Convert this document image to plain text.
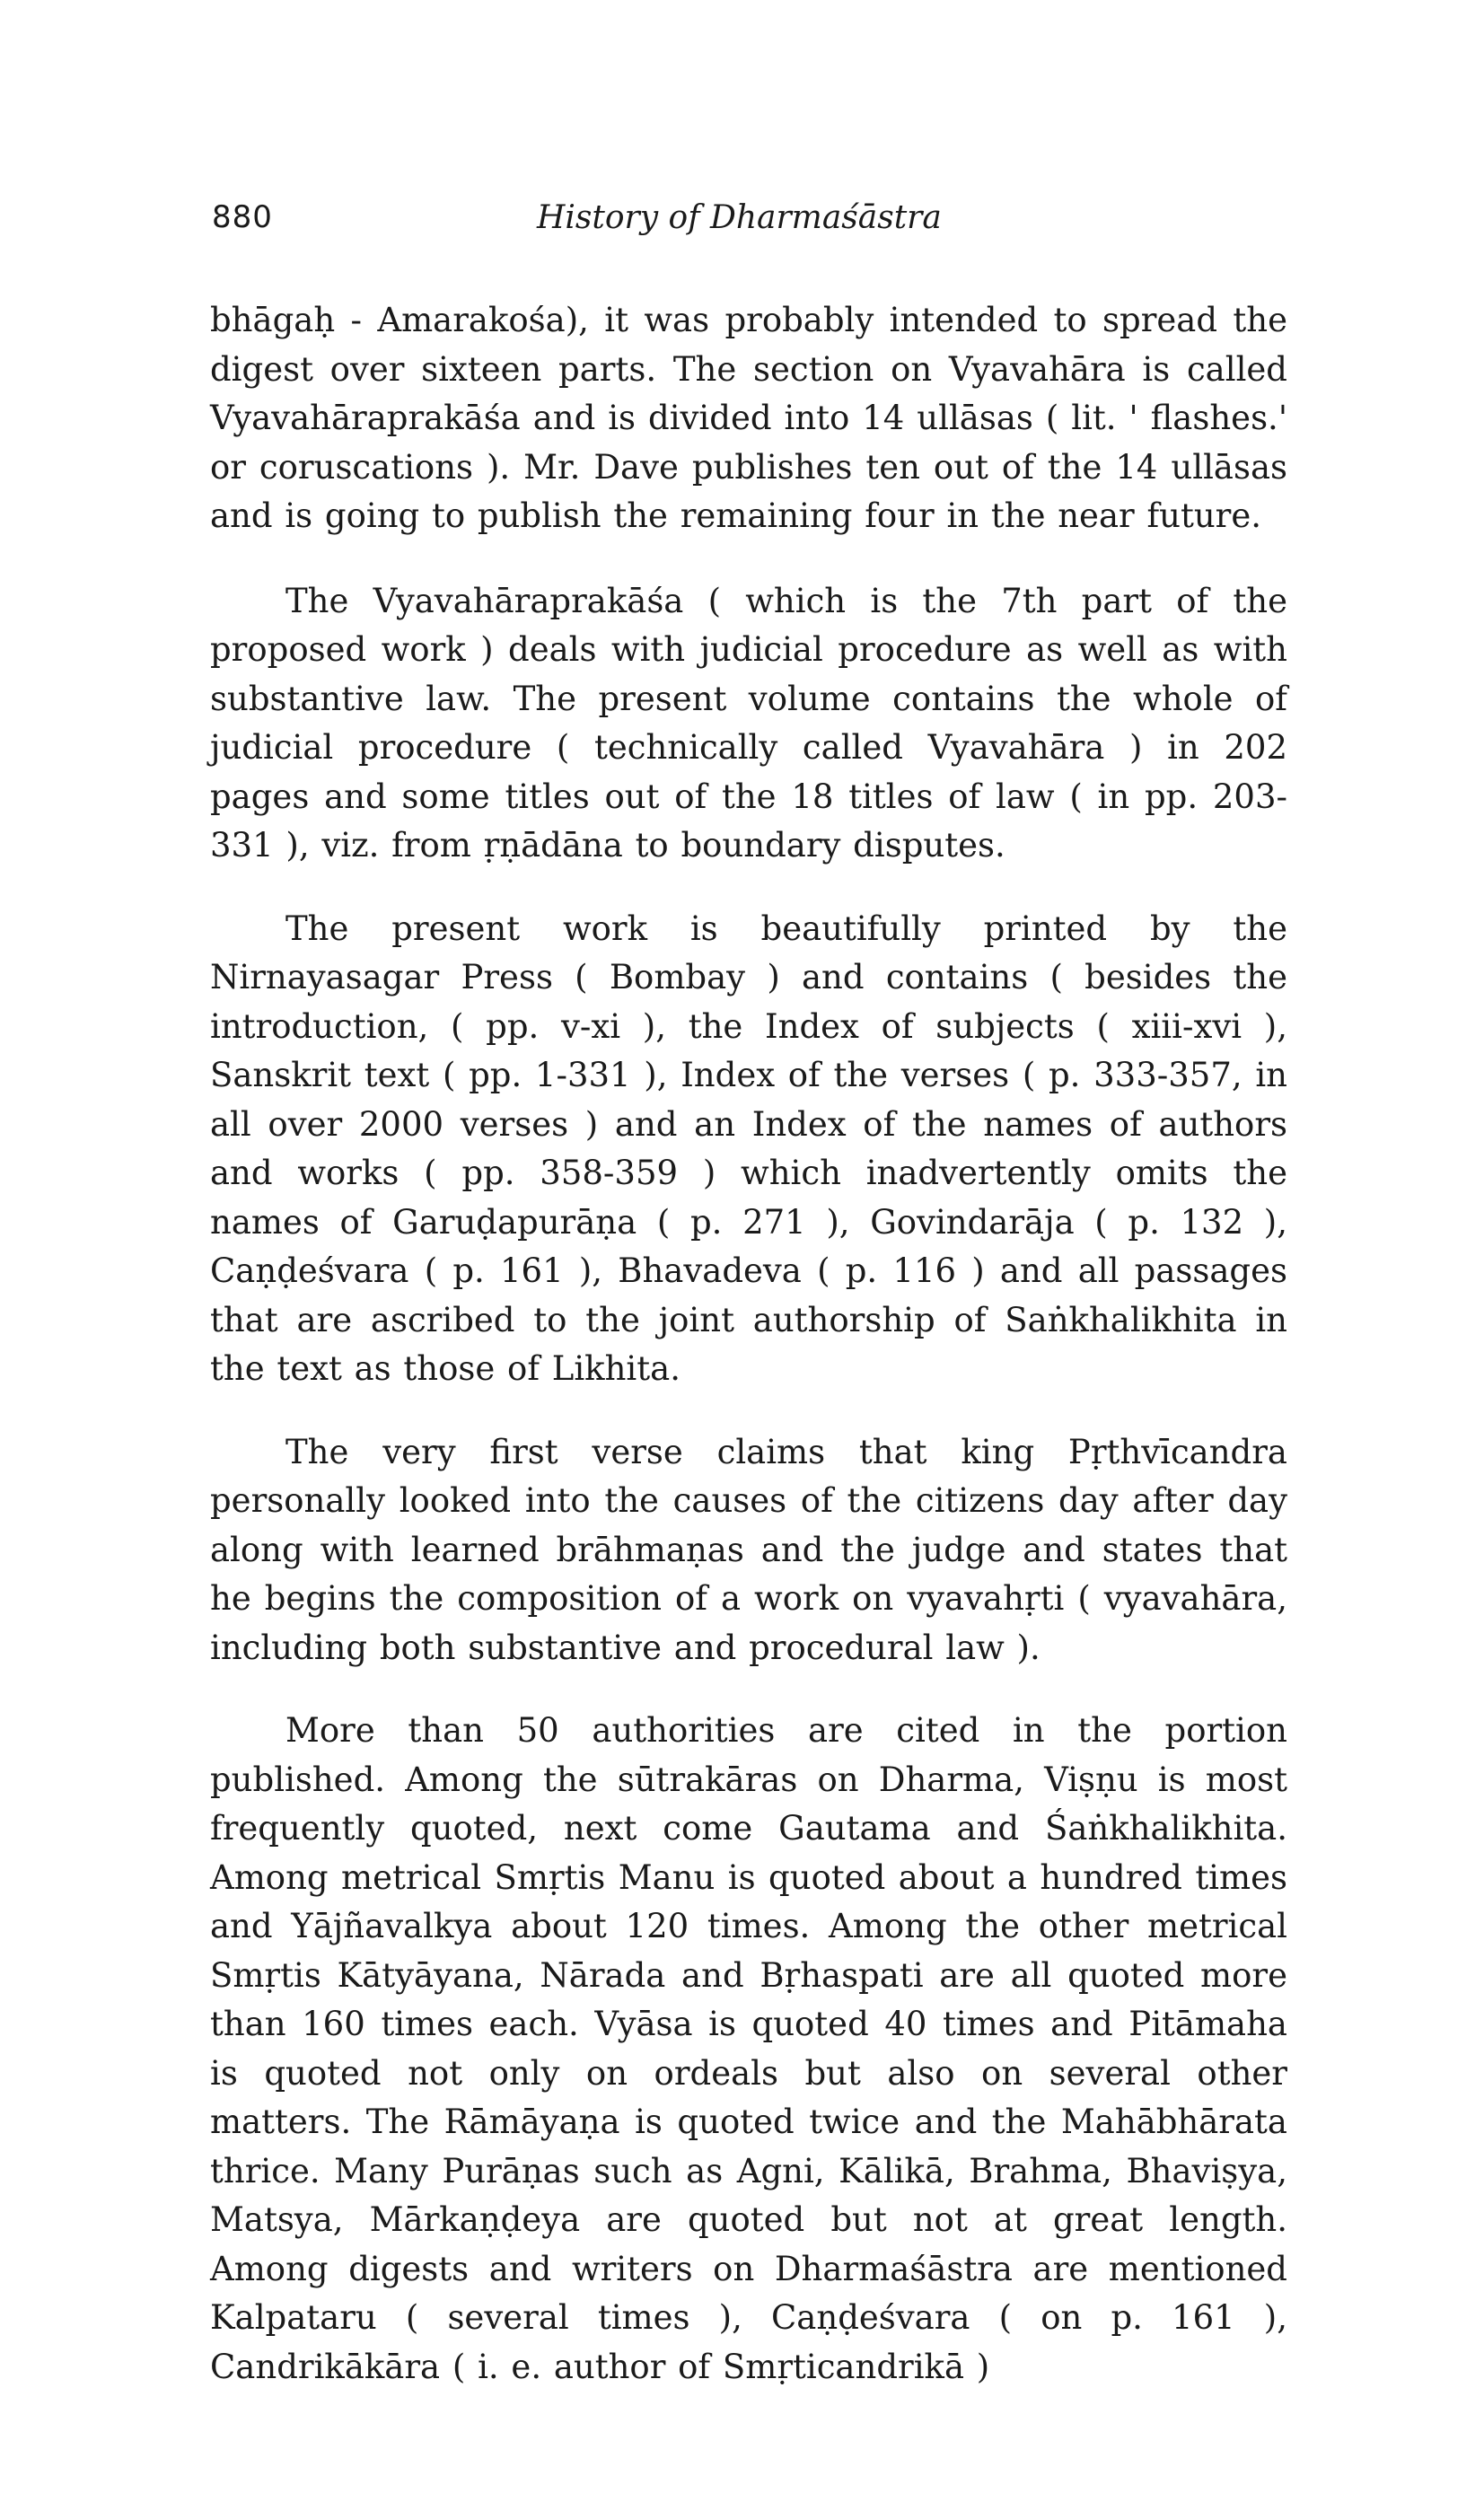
880	History of Dharmaśāstra

bhāgaḥ - Amarakośa), it was probably intended to spread the digest over sixteen parts. The section on Vyavahāra is called Vyavahāraprakāśa and is divided into 14 ullāsas ( lit. ' flashes.' or coruscations ). Mr. Dave publishes ten out of the 14 ullāsas and is going to publish the remaining four in the near future.

The Vyavahāraprakāśa ( which is the 7th part of the proposed work ) deals with judicial procedure as well as with substantive law. The present volume contains the whole of judicial procedure ( technically called Vyavahāra ) in 202 pages and some titles out of the 18 titles of law ( in pp. 203-331 ), viz. from ṛṇādāna to boundary disputes.

The present work is beautifully printed by the Nirnayasagar Press ( Bombay ) and contains ( besides the introduction, ( pp. v-xi ), the Index of subjects ( xiii-xvi ), Sanskrit text ( pp. 1-331 ), Index of the verses ( p. 333-357, in all over 2000 verses ) and an Index of the names of authors and works ( pp. 358-359 ) which inadvertently omits the names of Garuḍapurāṇa ( p. 271 ), Govindarāja ( p. 132 ), Caṇḍeśvara ( p. 161 ), Bhavadeva ( p. 116 ) and all passages that are ascribed to the joint authorship of Saṅkhalikhita in the text as those of Likhita.

The very first verse claims that king Pṛthvīcandra personally looked into the causes of the citizens day after day along with learned brāhmaṇas and the judge and states that he begins the composition of a work on vyavahṛti ( vyavahāra, including both substantive and procedural law ).

More than 50 authorities are cited in the portion published. Among the sūtrakāras on Dharma, Viṣṇu is most frequently quoted, next come Gautama and Śaṅkhalikhita. Among metrical Smṛtis Manu is quoted about a hundred times and Yājñavalkya about 120 times. Among the other metrical Smṛtis Kātyāyana, Nārada and Bṛhaspati are all quoted more than 160 times each. Vyāsa is quoted 40 times and Pitāmaha is quoted not only on ordeals but also on several other matters. The Rāmāyaṇa is quoted twice and the Mahābhārata thrice. Many Purāṇas such as Agni, Kālikā, Brahma, Bhaviṣya, Matsya, Mārkaṇḍeya are quoted but not at great length. Among digests and writers on Dharmaśāstra are mentioned Kalpataru ( several times ), Caṇḍeśvara ( on p. 161 ), Candrikākāra ( i. e. author of Smṛticandrikā )
